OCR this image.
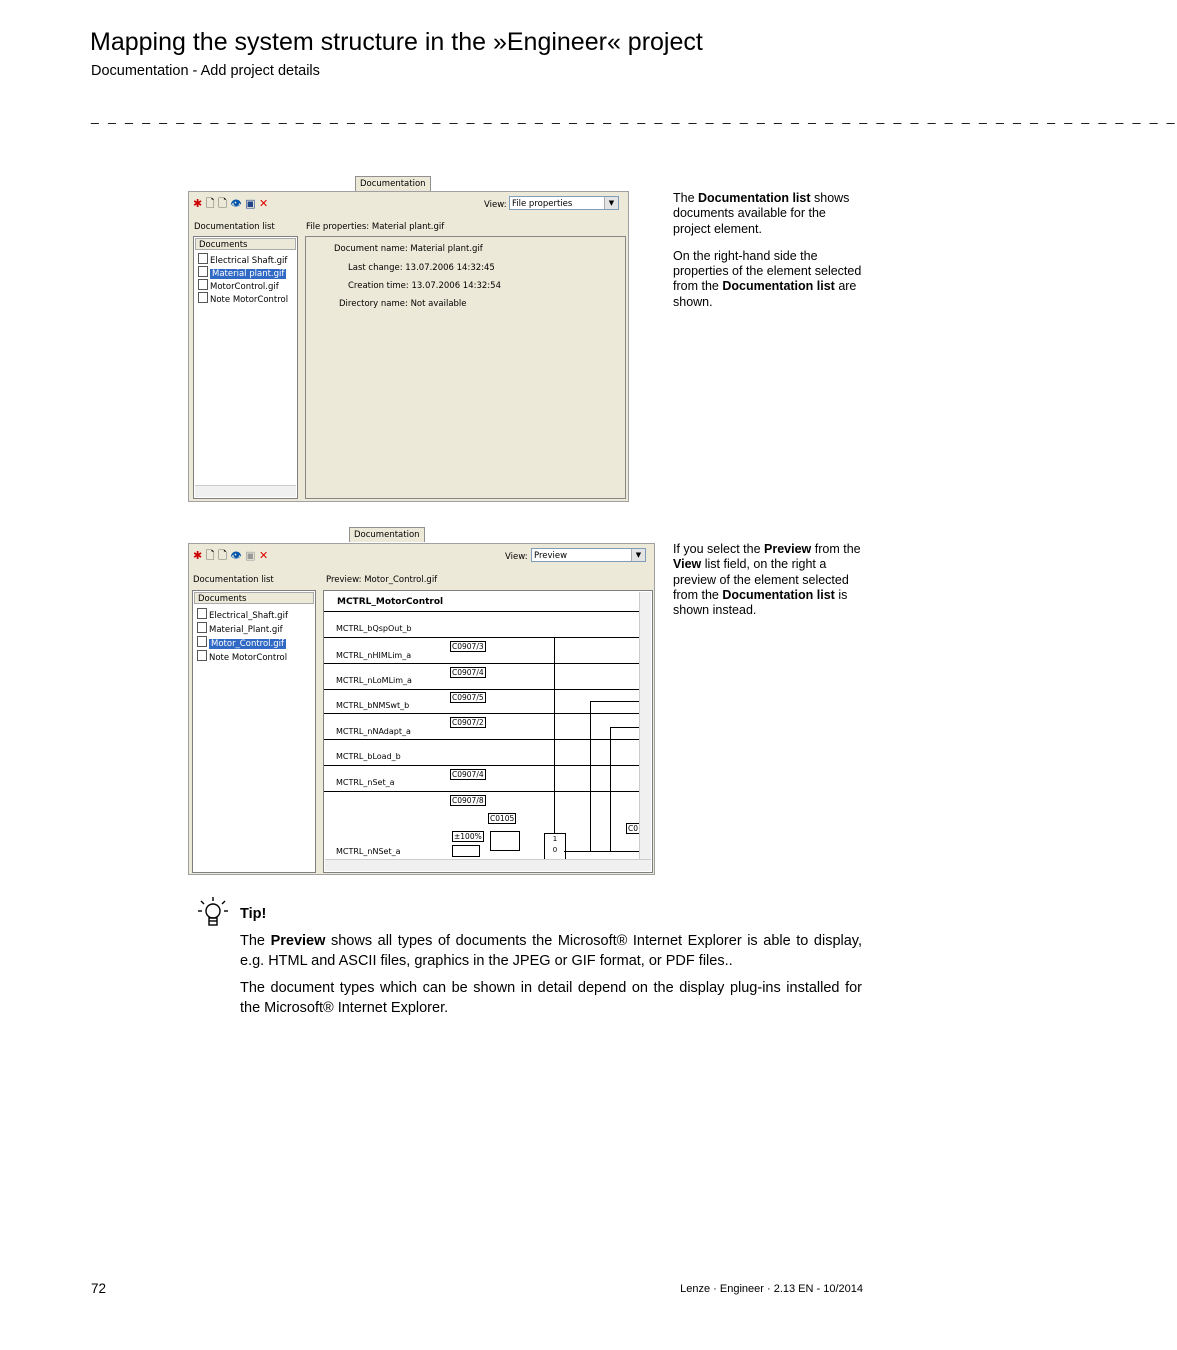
Mapping the system structure in the »Engineer« project
Documentation - Add project details
_ _ _ _ _ _ _ _ _ _ _ _ _ _ _ _ _ _ _ _ _ _ _ _ _ _ _ _ _ _ _ _ _ _ _ _ _ _ _ _ _ _ _ _ _ _ _ _ _ _ _ _ _ _ _ _ _ _ _ _ _ _ _ _
Documentation
✱ 🗋 🗋 👁 ▣ ✕	View: File properties	▼
Documentation list	File properties: Material plant.gif
Documents
Electrical Shaft.gif
Material plant.gif
MotorControl.gif
Note MotorControl
Document name: Material plant.gif
Last change: 13.07.2006 14:32:45
Creation time: 13.07.2006 14:32:54
Directory name: Not available

The Documentation list shows documents available for the project element.

On the right-hand side the properties of the element selected from the Documentation list are shown.

Documentation
✱ 🗋 🗋 👁 ▣ ✕	View: Preview	▼
Documentation list	Preview: Motor_Control.gif
Documents
Electrical_Shaft.gif
Material_Plant.gif
Motor_Control.gif
Note MotorControl
MCTRL_MotorControl
MCTRL_bQspOut_b
C0907/3
MCTRL_nHIMLim_a
C0907/4
MCTRL_nLoMLim_a
C0907/5
MCTRL_bNMSwt_b
C0907/2
MCTRL_nNAdapt_a
MCTRL_bLoad_b
C0907/4
MCTRL_nSet_a
C0907/8
C0105
±100%
C0
1
0
MCTRL_nNSet_a

If you select the Preview from the View list field, on the right a preview of the element selected from the Documentation list is shown instead.

Tip!

The Preview shows all types of documents the Microsoft® Internet Explorer is able to display, e.g. HTML and ASCII files, graphics in the JPEG or GIF format, or PDF files..

The document types which can be shown in detail depend on the display plug-ins installed for the Microsoft® Internet Explorer.

72	Lenze · Engineer · 2.13 EN - 10/2014
